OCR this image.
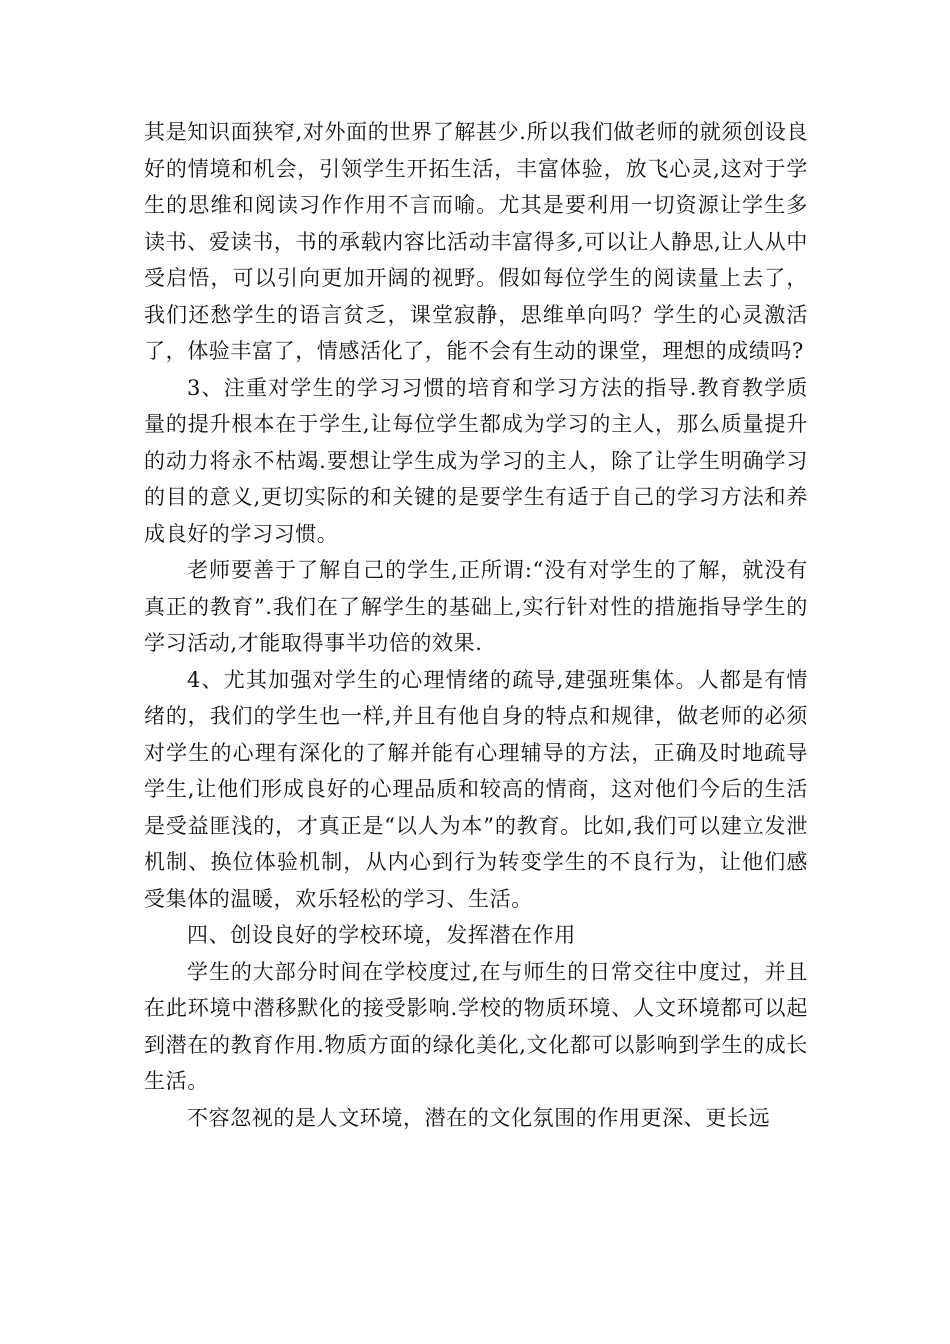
其是知识面狭窄,对外面的世界了解甚少.所以我们做老师的就须创设良好的情境和机会，引领学生开拓生活，丰富体验，放飞心灵,这对于学生的思维和阅读习作作用不言而喻。尤其是要利用一切资源让学生多读书、爱读书，书的承载内容比活动丰富得多,可以让人静思,让人从中受启悟，可以引向更加开阔的视野。假如每位学生的阅读量上去了，我们还愁学生的语言贫乏，课堂寂静，思维单向吗？学生的心灵激活了，体验丰富了，情感活化了，能不会有生动的课堂，理想的成绩吗?

3、注重对学生的学习习惯的培育和学习方法的指导.教育教学质量的提升根本在于学生,让每位学生都成为学习的主人，那么质量提升的动力将永不枯竭.要想让学生成为学习的主人，除了让学生明确学习的目的意义,更切实际的和关键的是要学生有适于自己的学习方法和养成良好的学习习惯。

老师要善于了解自己的学生,正所谓:“没有对学生的了解，就没有真正的教育”.我们在了解学生的基础上,实行针对性的措施指导学生的学习活动,才能取得事半功倍的效果.

4、尤其加强对学生的心理情绪的疏导,建强班集体。人都是有情绪的，我们的学生也一样,并且有他自身的特点和规律，做老师的必须对学生的心理有深化的了解并能有心理辅导的方法，正确及时地疏导学生,让他们形成良好的心理品质和较高的情商，这对他们今后的生活是受益匪浅的，才真正是“以人为本”的教育。比如,我们可以建立发泄机制、换位体验机制，从内心到行为转变学生的不良行为，让他们感受集体的温暖，欢乐轻松的学习、生活。

四、创设良好的学校环境，发挥潜在作用

学生的大部分时间在学校度过,在与师生的日常交往中度过，并且在此环境中潜移默化的接受影响.学校的物质环境、人文环境都可以起到潜在的教育作用.物质方面的绿化美化,文化都可以影响到学生的成长生活。

不容忽视的是人文环境，潜在的文化氛围的作用更深、更长远
